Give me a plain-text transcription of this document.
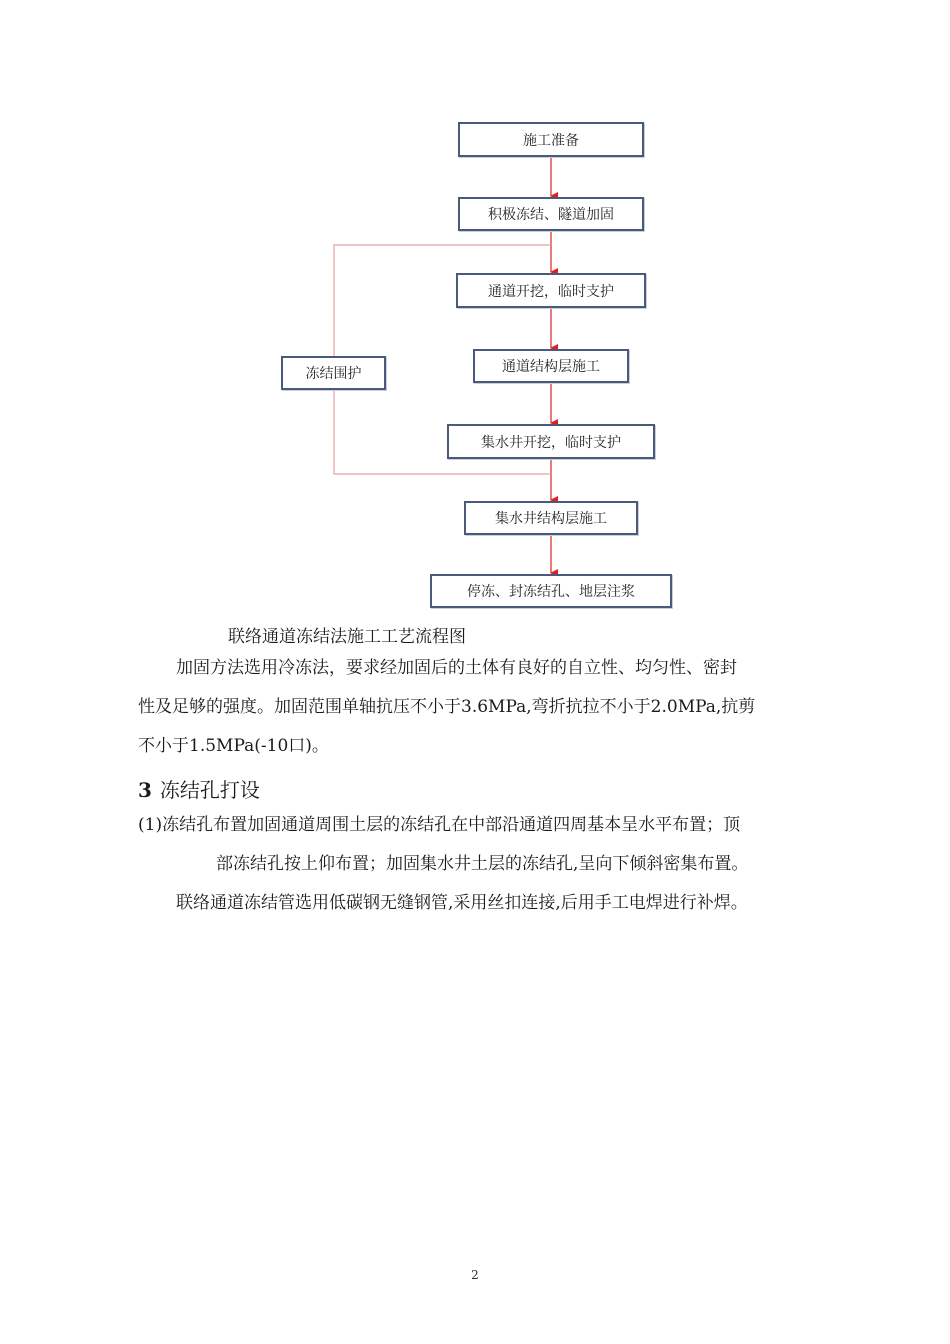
施工准备
积极冻结、隧道加固
通道开挖，临时支护
通道结构层施工
集水井开挖，临时支护
集水井结构层施工
停冻、封冻结孔、地层注浆
冻结围护
联络通道冻结法施工工艺流程图
加固方法选用冷冻法，要求经加固后的土体有良好的自立性、均匀性、密封
性及足够的强度。加固范围单轴抗压不小于3.6MPa,弯折抗拉不小于2.0MPa,抗剪
不小于1.5MPa(-10口)。
3 冻结孔打设
(1)冻结孔布置加固通道周围土层的冻结孔在中部沿通道四周基本呈水平布置；顶
部冻结孔按上仰布置；加固集水井土层的冻结孔,呈向下倾斜密集布置。
联络通道冻结管选用低碳钢无缝钢管,采用丝扣连接,后用手工电焊进行补焊。
2
